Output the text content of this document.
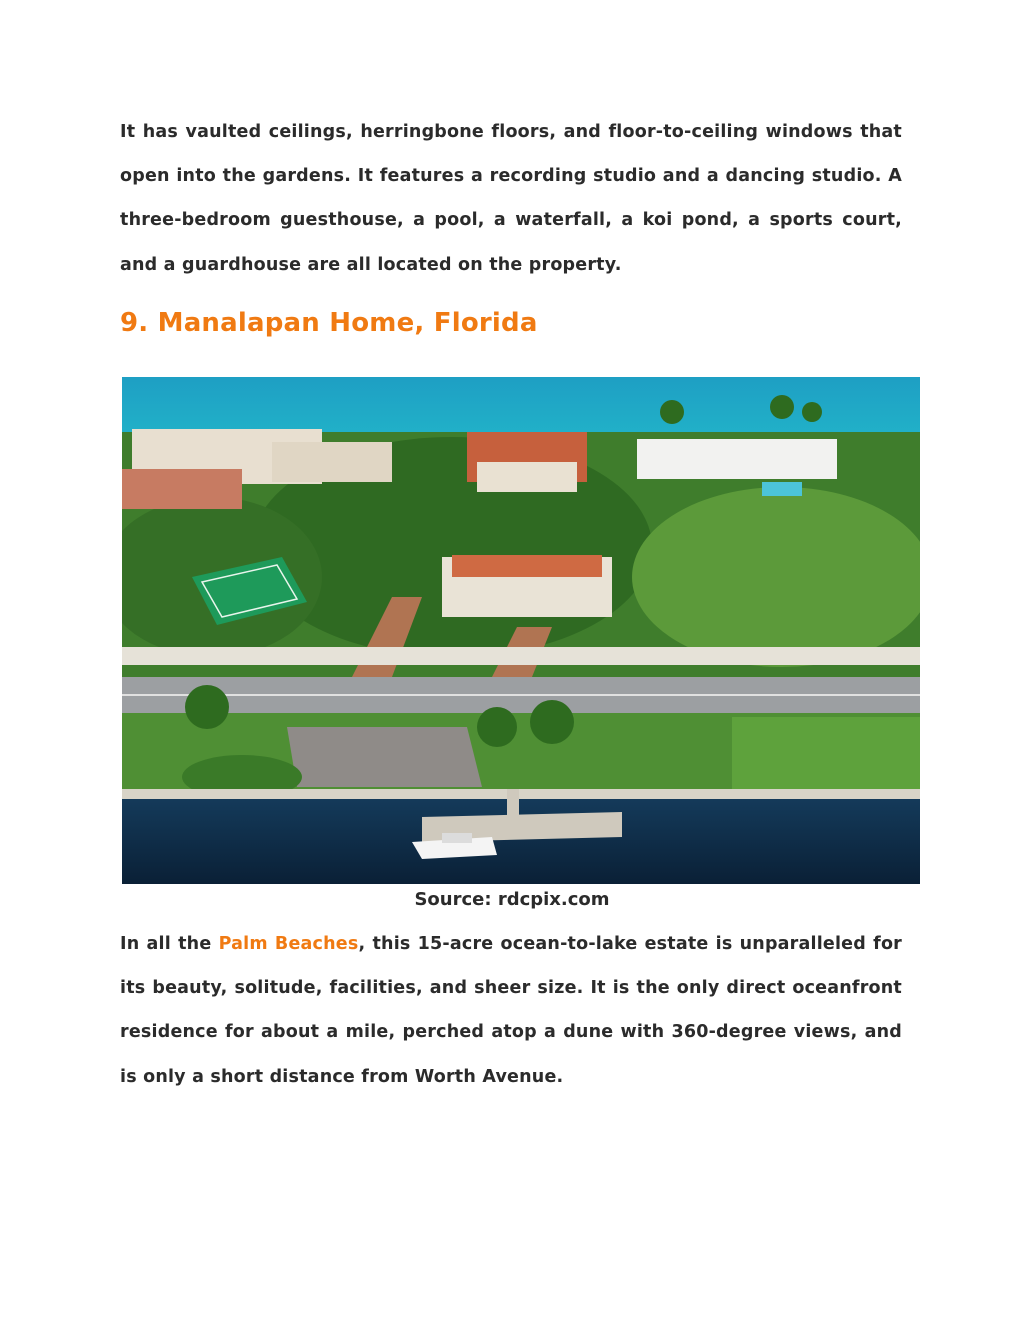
It has vaulted ceilings, herringbone floors, and floor-to-ceiling windows that open into the gardens. It features a recording studio and a dancing studio. A three-bedroom guesthouse, a pool, a waterfall, a koi pond, a sports court, and a guardhouse are all located on the property.

9. Manalapan Home, Florida

Source: rdcpix.com

In all the Palm Beaches, this 15-acre ocean-to-lake estate is unparalleled for its beauty, solitude, facilities, and sheer size. It is the only direct oceanfront residence for about a mile, perched atop a dune with 360-degree views, and is only a short distance from Worth Avenue.
